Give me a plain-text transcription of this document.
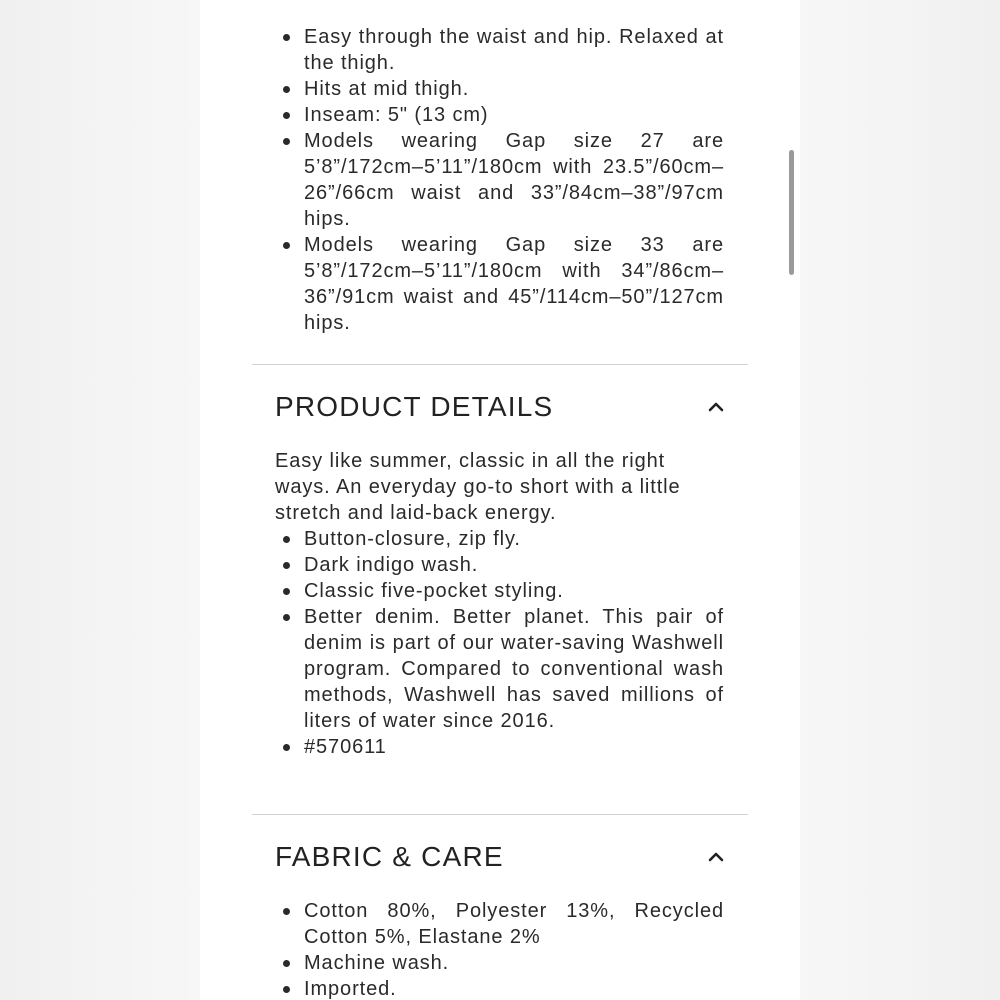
Easy through the waist and hip. Relaxed at the thigh.
Hits at mid thigh.
Inseam: 5" (13 cm)
Models wearing Gap size 27 are 5’8”/172cm–5’11”/180cm with 23.5”/60cm–26”/66cm waist and 33”/84cm–38”/97cm hips.
Models wearing Gap size 33 are 5’8”/172cm–5’11”/180cm with 34”/86cm–36”/91cm waist and 45”/114cm–50”/127cm hips.
PRODUCT DETAILS
Easy like summer, classic in all the right ways. An everyday go-to short with a little stretch and laid-back energy.
Button-closure, zip fly.
Dark indigo wash.
Classic five-pocket styling.
Better denim. Better planet. This pair of denim is part of our water-saving Washwell program. Compared to conventional wash methods, Washwell has saved millions of liters of water since 2016.
#570611
FABRIC & CARE
Cotton 80%, Polyester 13%, Recycled Cotton 5%, Elastane 2%
Machine wash.
Imported.
